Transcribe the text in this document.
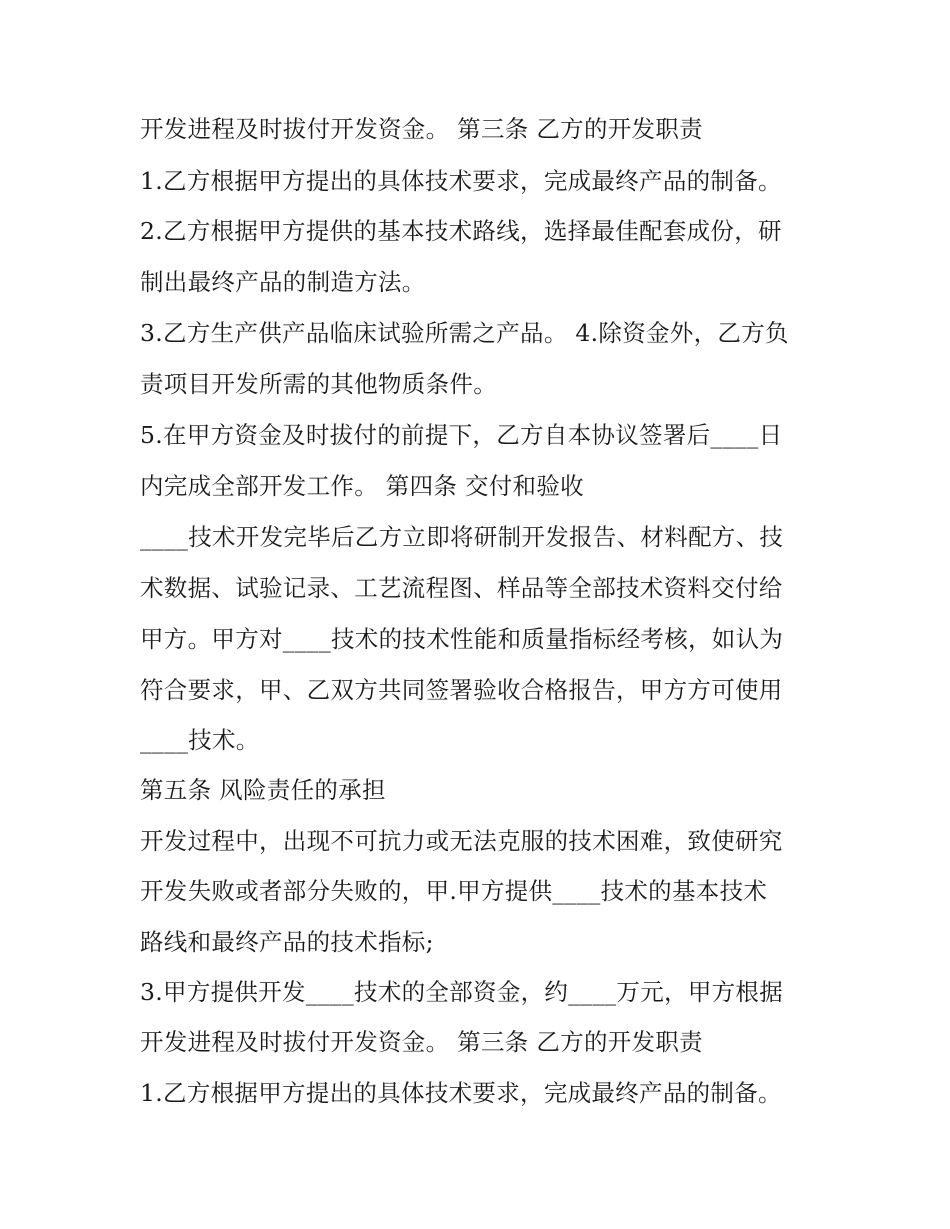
开发进程及时拔付开发资金。 第三条 乙方的开发职责
1.乙方根据甲方提出的具体技术要求，完成最终产品的制备。
2.乙方根据甲方提供的基本技术路线，选择最佳配套成份，研
制出最终产品的制造方法。
3.乙方生产供产品临床试验所需之产品。 4.除资金外，乙方负
责项目开发所需的其他物质条件。
5.在甲方资金及时拔付的前提下，乙方自本协议签署后____日
内完成全部开发工作。 第四条 交付和验收
____技术开发完毕后乙方立即将研制开发报告、材料配方、技
术数据、试验记录、工艺流程图、样品等全部技术资料交付给
甲方。甲方对____技术的技术性能和质量指标经考核，如认为
符合要求，甲、乙双方共同签署验收合格报告，甲方方可使用
____技术。
第五条 风险责任的承担
开发过程中，出现不可抗力或无法克服的技术困难，致使研究
开发失败或者部分失败的，甲.甲方提供____技术的基本技术
路线和最终产品的技术指标;
3.甲方提供开发____技术的全部资金，约____万元，甲方根据
开发进程及时拔付开发资金。 第三条 乙方的开发职责
1.乙方根据甲方提出的具体技术要求，完成最终产品的制备。
